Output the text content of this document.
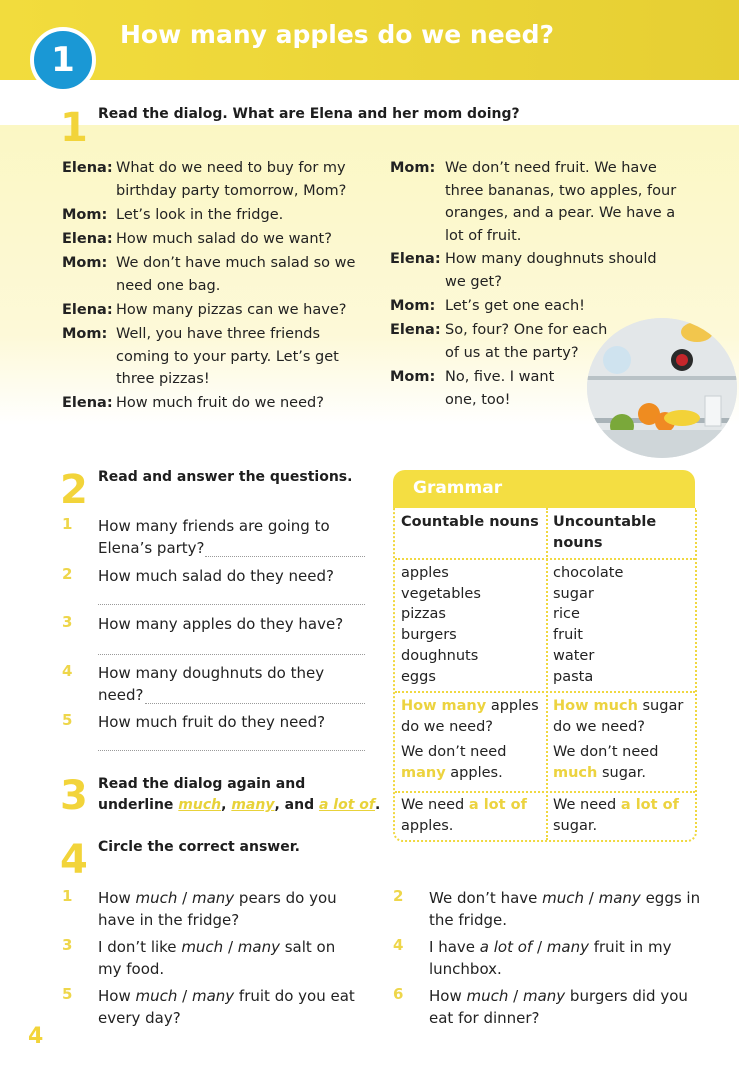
How many apples do we need?
1
1 Read the dialog. What are Elena and her mom doing?
Elena: What do we need to buy for my
birthday party tomorrow, Mom?
Mom: Let’s look in the fridge.
Elena: How much salad do we want?
Mom: We don’t have much salad so we
need one bag.
Elena: How many pizzas can we have?
Mom: Well, you have three friends
coming to your party. Let’s get
three pizzas!
Elena: How much fruit do we need?
Mom: We don’t need fruit. We have
three bananas, two apples, four
oranges, and a pear. We have a
lot of fruit.
Elena: How many doughnuts should
we get?
Mom: Let’s get one each!
Elena: So, four? One for each
of us at the party?
Mom: No, five. I want
one, too!
2 Read and answer the questions.
1 How many friends are going to
Elena’s party?
2 How much salad do they need?
3 How many apples do they have?
4 How many doughnuts do they
need?
5 How much fruit do they need?
3 Read the dialog again and
underline much, many, and a lot of.
Grammar
Countable nouns Uncountable
nouns
apples
vegetables
pizzas
burgers
doughnuts
eggs
chocolate
sugar
rice
fruit
water
pasta
How many apples
do we need?
We don’t need
many apples.
How much sugar
do we need?
We don’t need
much sugar.
We need a lot of
apples.
We need a lot of
sugar.
4 Circle the correct answer.
1 How much / many pears do you
have in the fridge?
2 We don’t have much / many eggs in
the fridge.
3 I don’t like much / many salt on
my food.
4 I have a lot of / many fruit in my
lunchbox.
5 How much / many fruit do you eat
every day?
6 How much / many burgers did you
eat for dinner?
4
